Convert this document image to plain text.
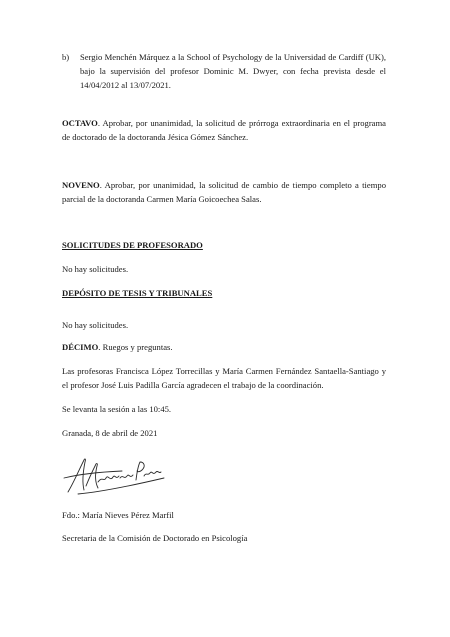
b) Sergio Menchén Márquez a la School of Psychology de la Universidad de Cardiff (UK), bajo la supervisión del profesor Dominic M. Dwyer, con fecha prevista desde el 14/04/2012 al 13/07/2021.

OCTAVO. Aprobar, por unanimidad, la solicitud de prórroga extraordinaria en el programa de doctorado de la doctoranda Jésica Gómez Sánchez.

NOVENO. Aprobar, por unanimidad, la solicitud de cambio de tiempo completo a tiempo parcial de la doctoranda Carmen María Goicoechea Salas.

SOLICITUDES DE PROFESORADO

No hay solicitudes.

DEPÓSITO DE TESIS Y TRIBUNALES

No hay solicitudes.

DÉCIMO. Ruegos y preguntas.

Las profesoras Francisca López Torrecillas y María Carmen Fernández Santaella-Santiago y el profesor José Luis Padilla García agradecen el trabajo de la coordinación.

Se levanta la sesión a las 10:45.

Granada, 8 de abril de 2021

Fdo.: María Nieves Pérez Marfil

Secretaria de la Comisión de Doctorado en Psicología
